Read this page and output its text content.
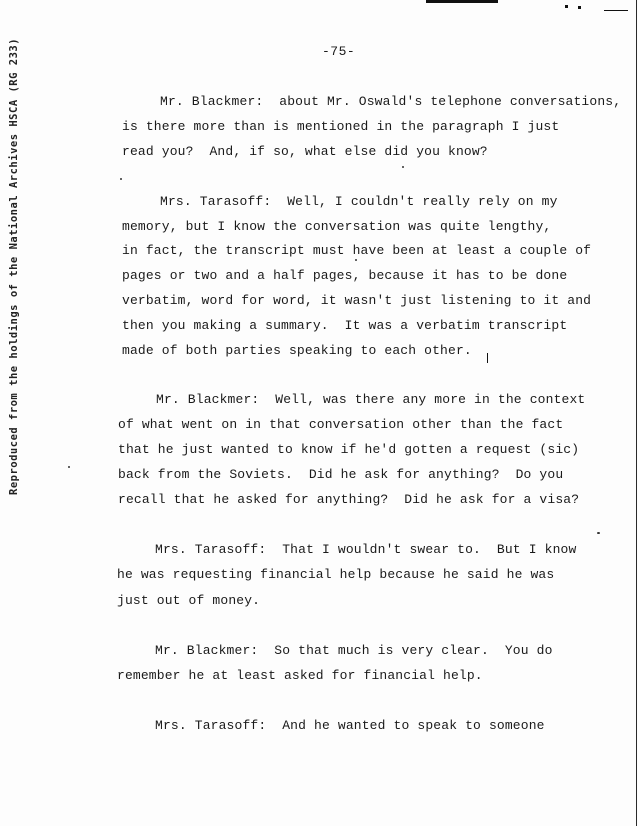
Reproduced from the holdings of the National Archives HSCA (RG 233)	-75-
Mr. Blackmer:  about Mr. Oswald's telephone conversations,
is there more than is mentioned in the paragraph I just
read you?  And, if so, what else did you know?
Mrs. Tarasoff:  Well, I couldn't really rely on my
memory, but I know the conversation was quite lengthy,
in fact, the transcript must have been at least a couple of
pages or two and a half pages, because it has to be done
verbatim, word for word, it wasn't just listening to it and
then you making a summary.  It was a verbatim transcript
made of both parties speaking to each other.
Mr. Blackmer:  Well, was there any more in the context
of what went on in that conversation other than the fact
that he just wanted to know if he'd gotten a request (sic)
back from the Soviets.  Did he ask for anything?  Do you
recall that he asked for anything?  Did he ask for a visa?
Mrs. Tarasoff:  That I wouldn't swear to.  But I know
he was requesting financial help because he said he was
just out of money.
Mr. Blackmer:  So that much is very clear.  You do
remember he at least asked for financial help.
Mrs. Tarasoff:  And he wanted to speak to someone
